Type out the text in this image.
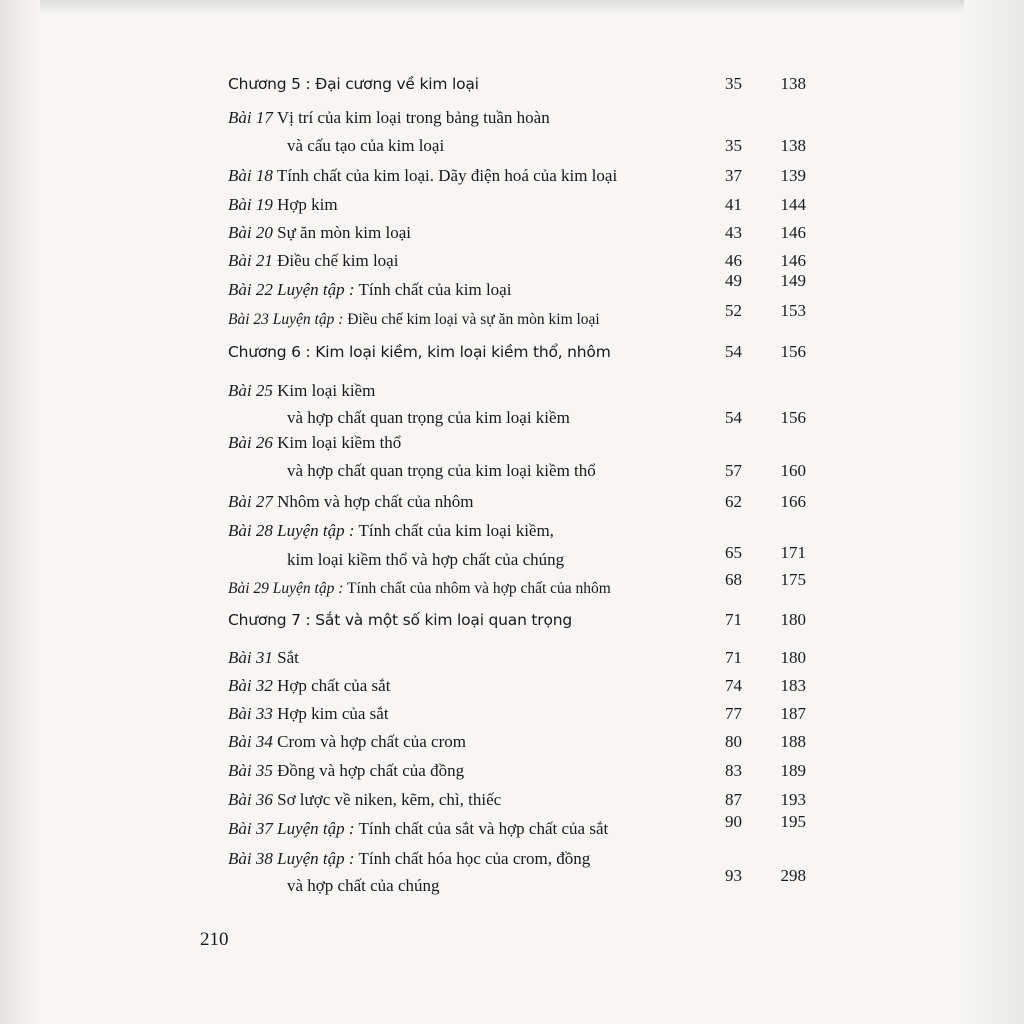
Chương 5 : Đại cương về kim loại	35	138
Bài 17 Vị trí của kim loại trong bảng tuần hoàn
và cấu tạo của kim loại	35	138
Bài 18 Tính chất của kim loại. Dãy điện hoá của kim loại	37	139
Bài 19 Hợp kim	41	144
Bài 20 Sự ăn mòn kim loại	43	146
Bài 21 Điều chế kim loại	46	146
Bài 22 Luyện tập : Tính chất của kim loại	49	149
Bài 23 Luyện tập : Điều chế kim loại và sự ăn mòn kim loại	52	153
Chương 6 : Kim loại kiềm, kim loại kiềm thổ, nhôm	54	156
Bài 25 Kim loại kiềm
và hợp chất quan trọng của kim loại kiềm	54	156
Bài 26 Kim loại kiềm thổ
và hợp chất quan trọng của kim loại kiềm thổ	57	160
Bài 27 Nhôm và hợp chất của nhôm	62	166
Bài 28 Luyện tập : Tính chất của kim loại kiềm,
kim loại kiềm thổ và hợp chất của chúng	65	171
Bài 29 Luyện tập : Tính chất của nhôm và hợp chất của nhôm	68	175
Chương 7 : Sắt và một số kim loại quan trọng	71	180
Bài 31 Sắt	71	180
Bài 32 Hợp chất của sắt	74	183
Bài 33 Hợp kim của sắt	77	187
Bài 34 Crom và hợp chất của crom	80	188
Bài 35 Đồng và hợp chất của đồng	83	189
Bài 36 Sơ lược về niken, kẽm, chì, thiếc	87	193
Bài 37 Luyện tập : Tính chất của sắt và hợp chất của sắt	90	195
Bài 38 Luyện tập : Tính chất hóa học của crom, đồng
và hợp chất của chúng
93	298
210
